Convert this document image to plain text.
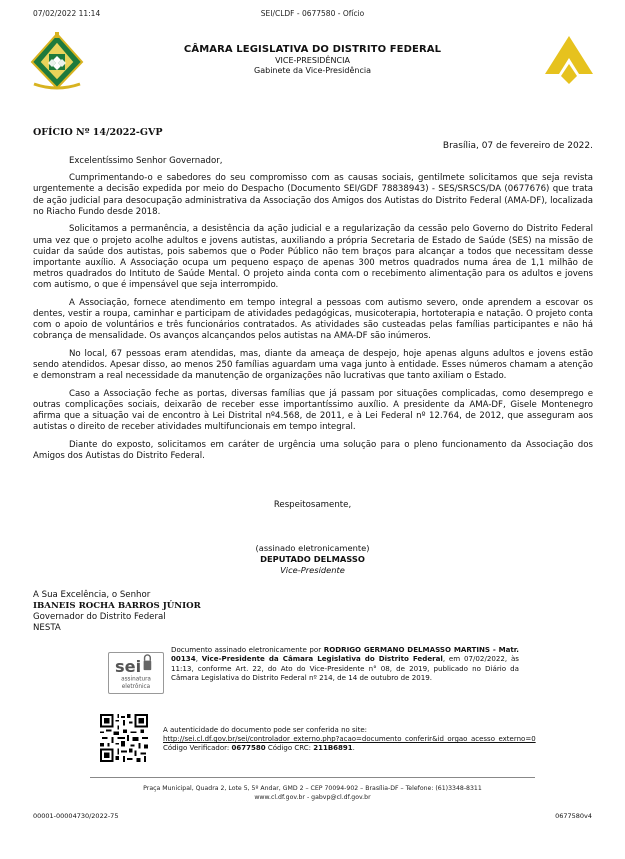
07/02/2022 11:14	SEI/CLDF - 0677580 - Ofício
CÂMARA LEGISLATIVA DO DISTRITO FEDERAL
VICE-PRESIDÊNCIA
Gabinete da Vice-Presidência
OFÍCIO Nº 14/2022-GVP
Brasília, 07 de fevereiro de 2022.

Excelentíssimo Senhor Governador,

Cumprimentando-o e sabedores do seu compromisso com as causas sociais, gentilmete solicitamos que seja revista urgentemente a decisão expedida por meio do Despacho (Documento SEI/GDF 78838943) - SES/SRSCS/DA (0677676) que trata de ação judicial para desocupação administrativa da Associação dos Amigos dos Autistas do Distrito Federal (AMA-DF), localizada no Riacho Fundo desde 2018.

Solicitamos a permanência, a desistência da ação judicial e a regularização da cessão pelo Governo do Distrito Federal uma vez que o projeto acolhe adultos e jovens autistas, auxiliando a própria Secretaria de Estado de Saúde (SES) na missão de cuidar da saúde dos autistas, pois sabemos que o Poder Público não tem braços para alcançar a todos que necessitam desse importante auxílio. A Associação ocupa um pequeno espaço de apenas 300 metros quadrados numa área de 1,1 milhão de metros quadrados do Intituto de Saúde Mental. O projeto ainda conta com o recebimento alimentação para os adultos e jovens com autismo, o que é impensável que seja interrompido.

A Associação, fornece atendimento em tempo integral a pessoas com autismo severo, onde aprendem a escovar os dentes, vestir a roupa, caminhar e participam de atividades pedagógicas, musicoterapia, hortoterapia e natação. O projeto conta com o apoio de voluntários e três funcionários contratados. As atividades são custeadas pelas famílias participantes e não há cobrança de mensalidade. Os avanços alcançandos pelos autistas na AMA-DF são inúmeros.

No local, 67 pessoas eram atendidas, mas, diante da ameaça de despejo, hoje apenas alguns adultos e jovens estão sendo atendidos. Apesar disso, ao menos 250 famílias aguardam uma vaga junto à entidade. Esses números chamam a atenção e demonstram a real necessidade da manutenção de organizações não lucrativas que tanto axiliam o Estado.

Caso a Associação feche as portas, diversas famílias que já passam por situações complicadas, como desemprego e outras complicações sociais, deixarão de receber esse importantíssimo auxílio. A presidente da AMA-DF, Gisele Montenegro afirma que a situação vai de encontro à Lei Distrital nº4.568, de 2011, e à Lei Federal nº 12.764, de 2012, que asseguram aos autistas o direito de receber atividades multifuncionais em tempo integral.

Diante do exposto, solicitamos em caráter de urgência uma solução para o pleno funcionamento da Associação dos Amigos dos Autistas do Distrito Federal.

Respeitosamente,
(assinado eletronicamente)
DEPUTADO DELMASSO
Vice-Presidente
A Sua Excelência, o Senhor
IBANEIS ROCHA BARROS JÚNIOR
Governador do Distrito Federal
NESTA
sei
assinatura
eletrônica
Documento assinado eletronicamente por RODRIGO GERMANO DELMASSO MARTINS - Matr. 00134, Vice-Presidente da Câmara Legislativa do Distrito Federal, em 07/02/2022, às 11:13, conforme Art. 22, do Ato do Vice-Presidente n° 08, de 2019, publicado no Diário da Câmara Legislativa do Distrito Federal nº 214, de 14 de outubro de 2019.
A autenticidade do documento pode ser conferida no site:
http://sei.cl.df.gov.br/sei/controlador_externo.php?acao=documento_conferir&id_orgao_acesso_externo=0
Código Verificador: 0677580 Código CRC: 211B6891.
Praça Municipal, Quadra 2, Lote 5, 5º Andar, GMD 2 – CEP 70094-902 – Brasília-DF – Telefone: (61)3348-8311
www.cl.df.gov.br - gabvp@cl.df.gov.br
00001-00004730/2022-75	0677580v4
